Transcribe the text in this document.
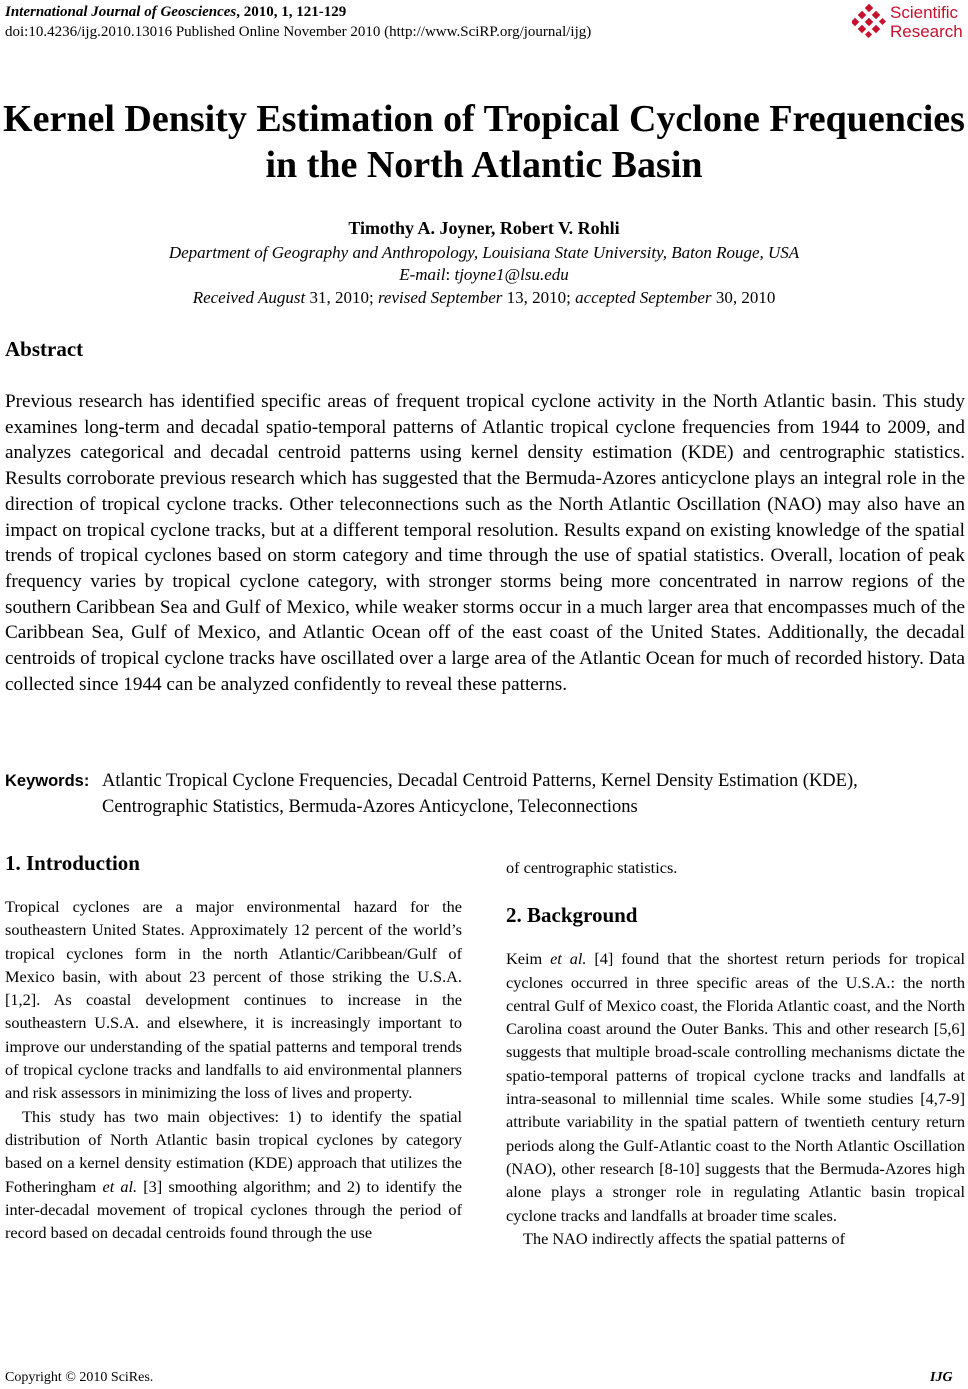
International Journal of Geosciences, 2010, 1, 121-129
doi:10.4236/ijg.2010.13016 Published Online November 2010 (http://www.SciRP.org/journal/ijg)
Scientific
Research
Kernel Density Estimation of Tropical Cyclone Frequencies
in the North Atlantic Basin
Timothy A. Joyner, Robert V. Rohli
Department of Geography and Anthropology, Louisiana State University, Baton Rouge, USA
E-mail: tjoyne1@lsu.edu
Received August 31, 2010; revised September 13, 2010; accepted September 30, 2010
Abstract
Previous research has identified specific areas of frequent tropical cyclone activity in the North Atlantic basin. This study examines long-term and decadal spatio-temporal patterns of Atlantic tropical cyclone frequencies from 1944 to 2009, and analyzes categorical and decadal centroid patterns using kernel density estimation (KDE) and centrographic statistics. Results corroborate previous research which has suggested that the Bermuda-Azores anticyclone plays an integral role in the direction of tropical cyclone tracks. Other teleconnections such as the North Atlantic Oscillation (NAO) may also have an impact on tropical cyclone tracks, but at a different temporal resolution. Results expand on existing knowledge of the spatial trends of tropical cyclones based on storm category and time through the use of spatial statistics. Overall, location of peak frequency varies by tropical cyclone category, with stronger storms being more concentrated in narrow regions of the southern Caribbean Sea and Gulf of Mexico, while weaker storms occur in a much larger area that encompasses much of the Caribbean Sea, Gulf of Mexico, and Atlantic Ocean off of the east coast of the United States. Additionally, the decadal centroids of tropical cyclone tracks have oscillated over a large area of the Atlantic Ocean for much of recorded history. Data collected since 1944 can be analyzed confidently to reveal these patterns.
Keywords: Atlantic Tropical Cyclone Frequencies, Decadal Centroid Patterns, Kernel Density Estimation (KDE), Centrographic Statistics, Bermuda-Azores Anticyclone, Teleconnections
1. Introduction

Tropical cyclones are a major environmental hazard for the southeastern United States. Approximately 12 percent of the world’s tropical cyclones form in the north Atlantic/Caribbean/Gulf of Mexico basin, with about 23 percent of those striking the U.S.A. [1,2]. As coastal development continues to increase in the southeastern U.S.A. and elsewhere, it is increasingly important to improve our understanding of the spatial patterns and temporal trends of tropical cyclone tracks and landfalls to aid environmental planners and risk assessors in minimizing the loss of lives and property.

This study has two main objectives: 1) to identify the spatial distribution of North Atlantic basin tropical cyclones by category based on a kernel density estimation (KDE) approach that utilizes the Fotheringham et al. [3] smoothing algorithm; and 2) to identify the inter-decadal movement of tropical cyclones through the period of record based on decadal centroids found through the use

of centrographic statistics.

2. Background

Keim et al. [4] found that the shortest return periods for tropical cyclones occurred in three specific areas of the U.S.A.: the north central Gulf of Mexico coast, the Florida Atlantic coast, and the North Carolina coast around the Outer Banks. This and other research [5,6] suggests that multiple broad-scale controlling mechanisms dictate the spatio-temporal patterns of tropical cyclone tracks and landfalls at intra-seasonal to millennial time scales. While some studies [4,7-9] attribute variability in the spatial pattern of twentieth century return periods along the Gulf-Atlantic coast to the North Atlantic Oscillation (NAO), other research [8-10] suggests that the Bermuda-Azores high alone plays a stronger role in regulating Atlantic basin tropical cyclone tracks and landfalls at broader time scales.

The NAO indirectly affects the spatial patterns of

Copyright © 2010 SciRes.	IJG
